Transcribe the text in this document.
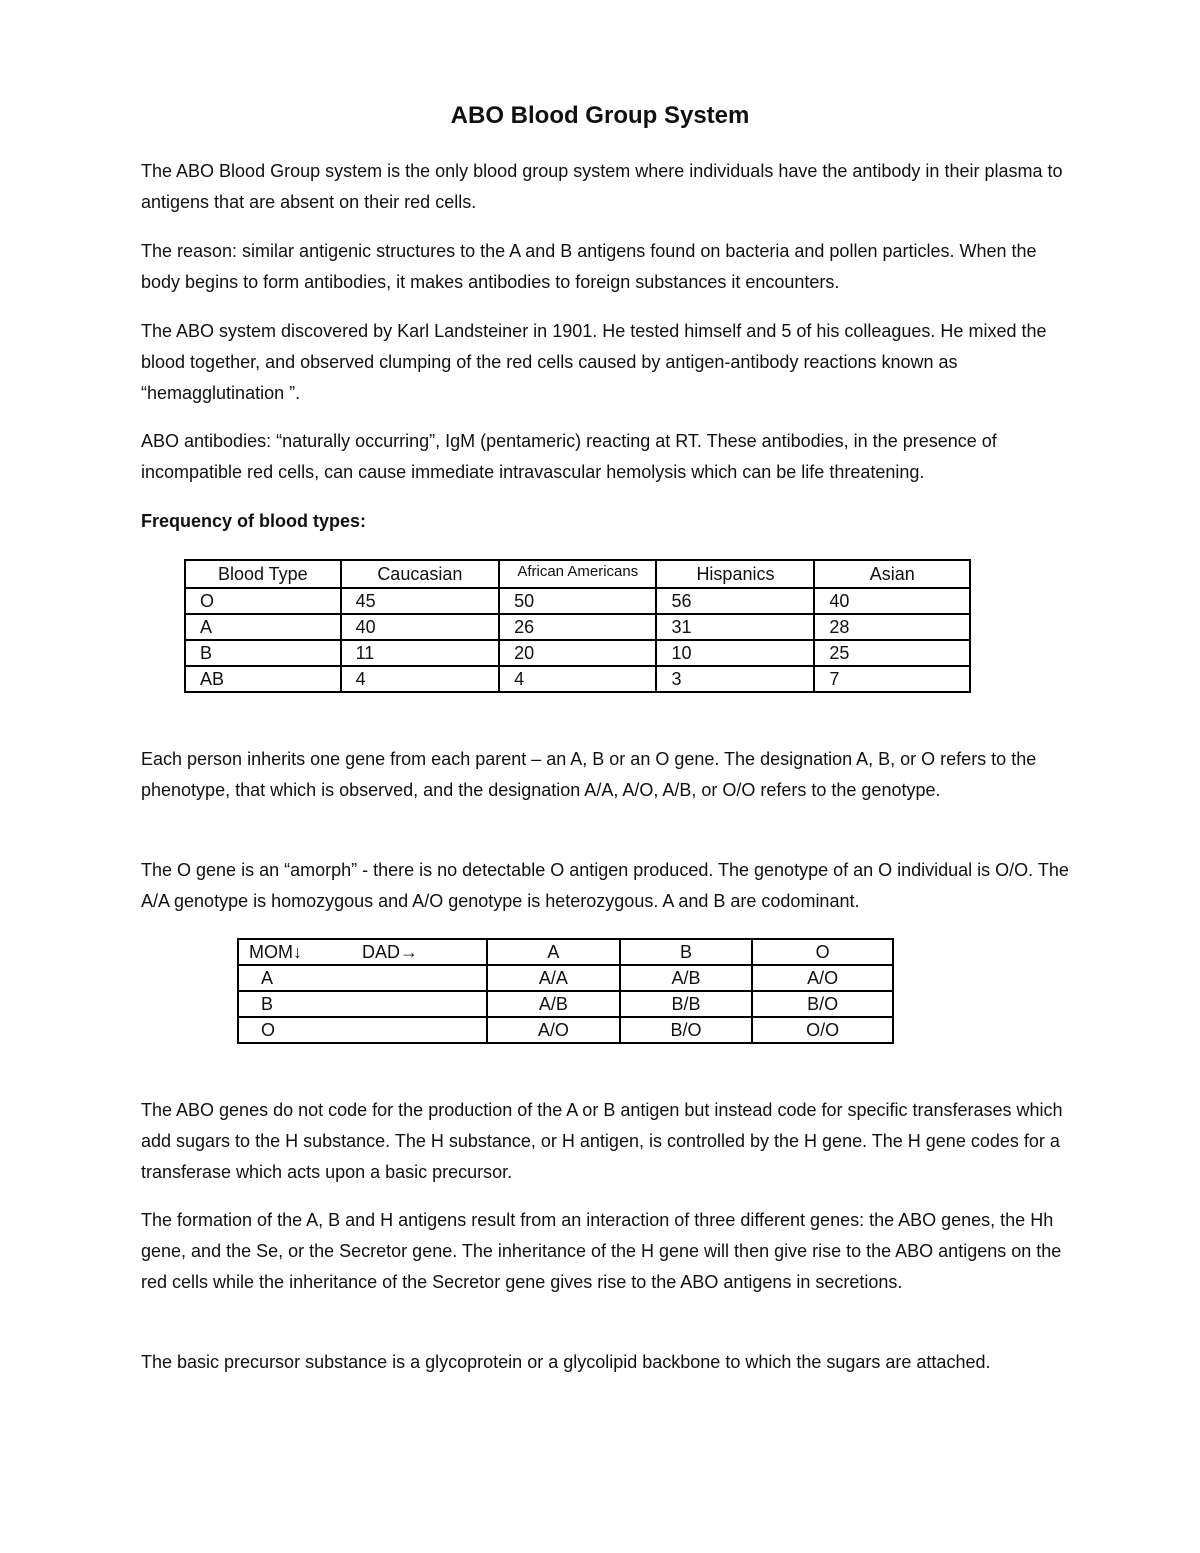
ABO Blood Group System

The ABO Blood Group system is the only blood group system where individuals have the antibody in their plasma to antigens that are absent on their red cells.

The reason: similar antigenic structures to the A and B antigens found on bacteria and pollen particles. When the body begins to form antibodies, it makes antibodies to foreign substances it encounters.

The ABO system discovered by Karl Landsteiner in 1901. He tested himself and 5 of his colleagues. He mixed the blood together, and observed clumping of the red cells caused by antigen-antibody reactions known as “hemagglutination ”.

ABO antibodies: “naturally occurring”, IgM (pentameric) reacting at RT. These antibodies, in the presence of incompatible red cells, can cause immediate intravascular hemolysis which can be life threatening.

Frequency of blood types:
Blood Type	Caucasian	African Americans	Hispanics	Asian
O	45	50	56	40
A	40	26	31	28
B	11	20	10	25
AB	4	4	3	7

Each person inherits one gene from each parent – an A, B or an O gene. The designation A, B, or O refers to the phenotype, that which is observed, and the designation A/A, A/O, A/B, or O/O refers to the genotype.

The O gene is an “amorph” - there is no detectable O antigen produced. The genotype of an O individual is O/O. The A/A genotype is homozygous and A/O genotype is heterozygous. A and B are codominant.

MOM↓ DAD→	A	B	O
A	A/A	A/B	A/O
B	A/B	B/B	B/O
O	A/O	B/O	O/O

The ABO genes do not code for the production of the A or B antigen but instead code for specific transferases which add sugars to the H substance. The H substance, or H antigen, is controlled by the H gene. The H gene codes for a transferase which acts upon a basic precursor.

The formation of the A, B and H antigens result from an interaction of three different genes: the ABO genes, the Hh gene, and the Se, or the Secretor gene. The inheritance of the H gene will then give rise to the ABO antigens on the red cells while the inheritance of the Secretor gene gives rise to the ABO antigens in secretions.

The basic precursor substance is a glycoprotein or a glycolipid backbone to which the sugars are attached.
